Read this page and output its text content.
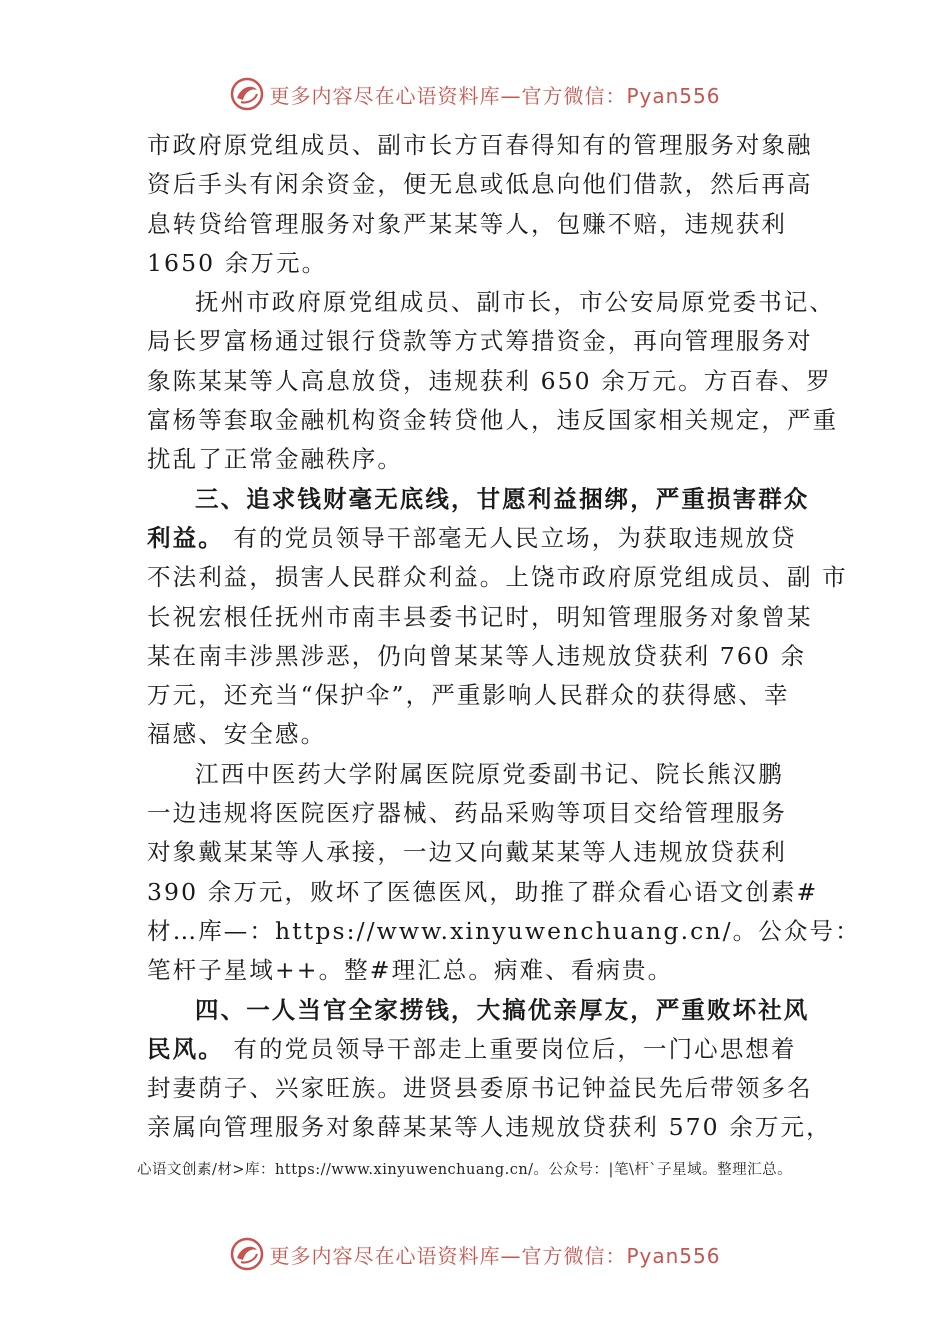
更多内容尽在心语资料库—官方微信：Pyan556
市政府原党组成员、副市长方百春得知有的管理服务对象融
资后手头有闲余资金，便无息或低息向他们借款，然后再高
息转贷给管理服务对象严某某等人，包赚不赔，违规获利
1650 余万元。
抚州市政府原党组成员、副市长，市公安局原党委书记、
局长罗富杨通过银行贷款等方式筹措资金，再向管理服务对
象陈某某等人高息放贷，违规获利 650 余万元。方百春、罗
富杨等套取金融机构资金转贷他人，违反国家相关规定，严重
扰乱了正常金融秩序。
三、追求钱财毫无底线，甘愿利益捆绑，严重损害群众
利益。 有的党员领导干部毫无人民立场，为获取违规放贷
不法利益，损害人民群众利益。上饶市政府原党组成员、副 市
长祝宏根任抚州市南丰县委书记时，明知管理服务对象曾某
某在南丰涉黑涉恶，仍向曾某某等人违规放贷获利 760 余
万元，还充当“保护伞”，严重影响人民群众的获得感、幸
福感、安全感。
江西中医药大学附属医院原党委副书记、院长熊汉鹏
一边违规将医院医疗器械、药品采购等项目交给管理服务
对象戴某某等人承接，一边又向戴某某等人违规放贷获利
390 余万元，败坏了医德医风，助推了群众看心语文创素#
材…库—：https://www.xinyuwenchuang.cn/。公众号：
笔杆子星域++。整#理汇总。病难、看病贵。
四、一人当官全家捞钱，大搞优亲厚友，严重败坏社风
民风。 有的党员领导干部走上重要岗位后，一门心思想着
封妻荫子、兴家旺族。进贤县委原书记钟益民先后带领多名
亲属向管理服务对象薛某某等人违规放贷获利 570 余万元，
心语文创素/材>库：https://www.xinyuwenchuang.cn/。公众号：|笔\杆`子星域。整理汇总。
更多内容尽在心语资料库—官方微信：Pyan556
